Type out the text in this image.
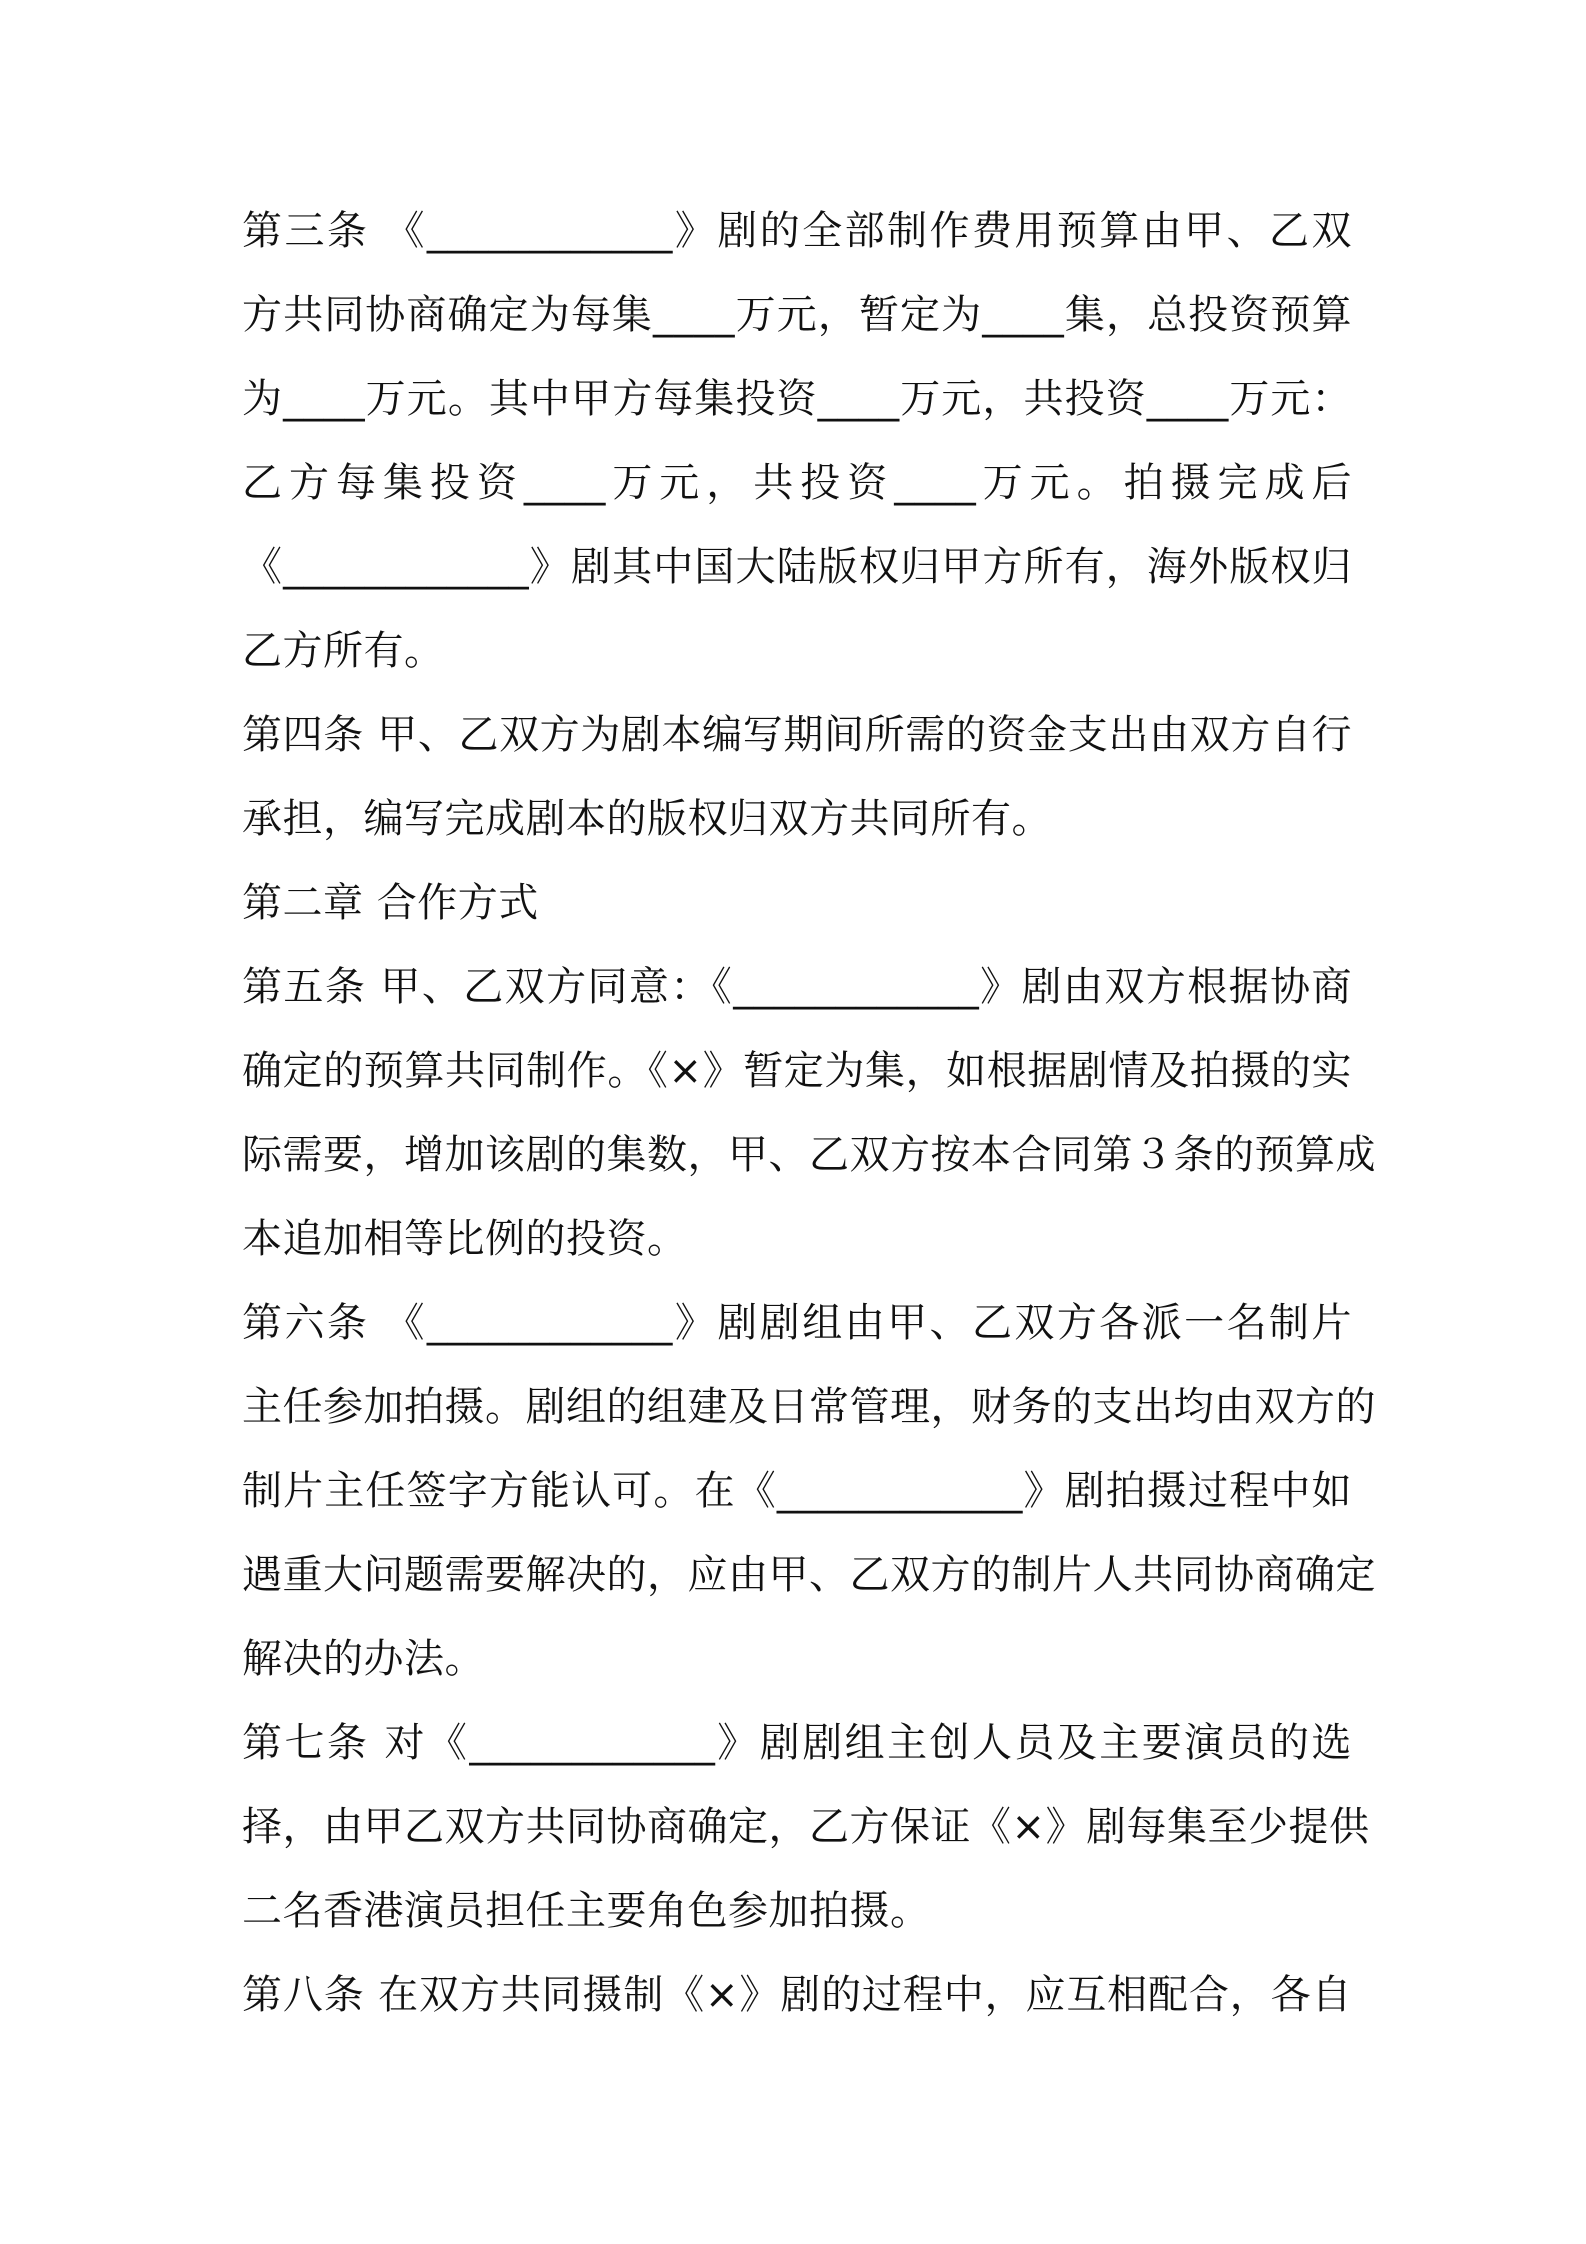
第三条 《____________》剧的全部制作费用预算由甲、乙双
方共同协商确定为每集____万元，暂定为____集，总投资预算
为____万元。其中甲方每集投资____万元，共投资____万元：
乙方每集投资____万元，共投资____万元。拍摄完成后
《____________》剧其中国大陆版权归甲方所有，海外版权归
乙方所有。
第四条 甲、乙双方为剧本编写期间所需的资金支出由双方自行
承担，编写完成剧本的版权归双方共同所有。
第二章 合作方式
第五条 甲、乙双方同意：《____________》剧由双方根据协商
确定的预算共同制作。《×》暂定为集，如根据剧情及拍摄的实
际需要，增加该剧的集数，甲、乙双方按本合同第３条的预算成
本追加相等比例的投资。
第六条 《____________》剧剧组由甲、乙双方各派一名制片
主任参加拍摄。剧组的组建及日常管理，财务的支出均由双方的
制片主任签字方能认可。在《____________》剧拍摄过程中如
遇重大问题需要解决的，应由甲、乙双方的制片人共同协商确定
解决的办法。
第七条 对《____________》剧剧组主创人员及主要演员的选
择，由甲乙双方共同协商确定，乙方保证《×》剧每集至少提供
二名香港演员担任主要角色参加拍摄。
第八条 在双方共同摄制《×》剧的过程中，应互相配合，各自
